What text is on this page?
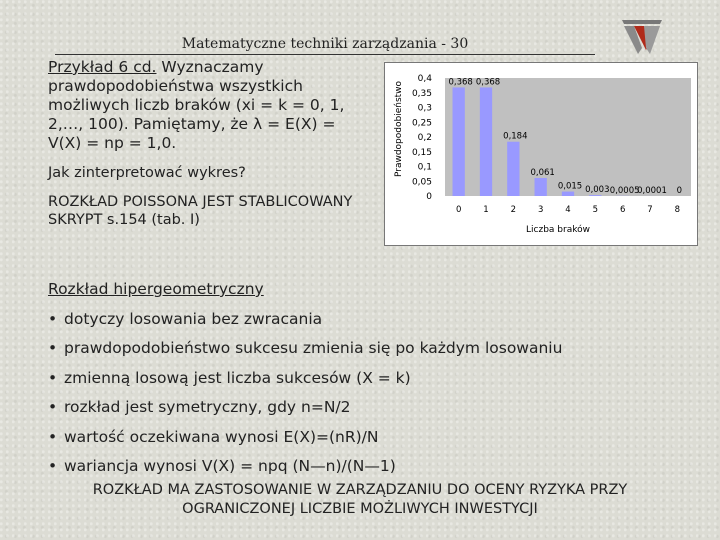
Matematyczne techniki zarządzania - 30
Przykład 6 cd. Wyznaczamy prawdopodobieństwa wszystkich możliwych liczb braków (xi = k = 0, 1, 2,…, 100). Pamiętamy, że λ = E(X) = V(X) = np = 1,0.
Jak zinterpretować wykres?
ROZKŁAD POISSONA JEST STABLICOWANY SKRYPT s.154 (tab. I)
0
0,05
0,1
0,15
0,2
0,25
0,3
0,35
0,4
Prawdopodobieństwo	0,368
0
0,368
1
0,184
2
0,061
3
0,015
4
0,003
5
0,0005
6
0,0001
7
0
8
Liczba braków
Rozkład hipergeometryczny
• dotyczy losowania bez zwracania
• prawdopodobieństwo sukcesu zmienia się po każdym losowaniu
• zmienną losową jest liczba sukcesów (X = k)
• rozkład jest symetryczny, gdy n=N/2
• wartość oczekiwana wynosi E(X)=(nR)/N
• wariancja wynosi V(X) = npq (N—n)/(N—1)
ROZKŁAD MA ZASTOSOWANIE W ZARZĄDZANIU DO OCENY RYZYKA PRZY OGRANICZONEJ LICZBIE MOŻLIWYCH INWESTYCJI
